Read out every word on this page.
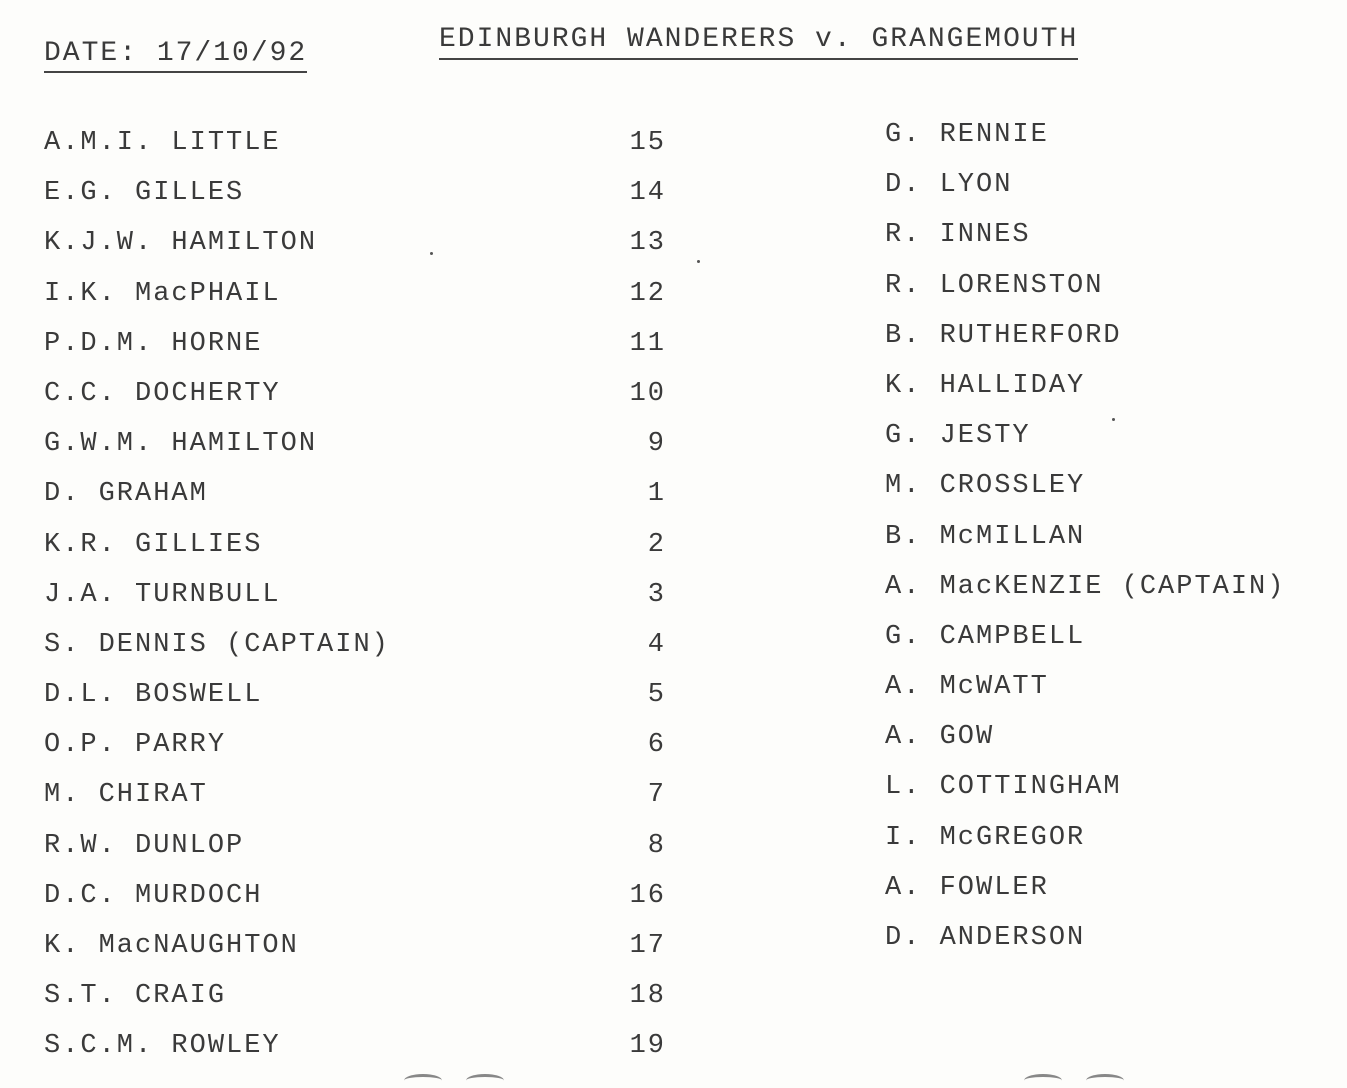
DATE: 17/10/92	EDINBURGH WANDERERS v. GRANGEMOUTH
A.M.I. LITTLE
E.G. GILLES
K.J.W. HAMILTON
I.K. MacPHAIL
P.D.M. HORNE
C.C. DOCHERTY
G.W.M. HAMILTON
D. GRAHAM
K.R. GILLIES
J.A. TURNBULL
S. DENNIS (CAPTAIN)
D.L. BOSWELL
O.P. PARRY
M. CHIRAT
R.W. DUNLOP
D.C. MURDOCH
K. MacNAUGHTON
S.T. CRAIG
S.C.M. ROWLEY
15
14
13
12
11
10
9
1
2
3
4
5
6
7
8
16
17
18
19
G. RENNIE
D. LYON
R. INNES
R. LORENSTON
B. RUTHERFORD
K. HALLIDAY
G. JESTY
M. CROSSLEY
B. McMILLAN
A. MacKENZIE (CAPTAIN)
G. CAMPBELL
A. McWATT
A. GOW
L. COTTINGHAM
I. McGREGOR
A. FOWLER
D. ANDERSON
